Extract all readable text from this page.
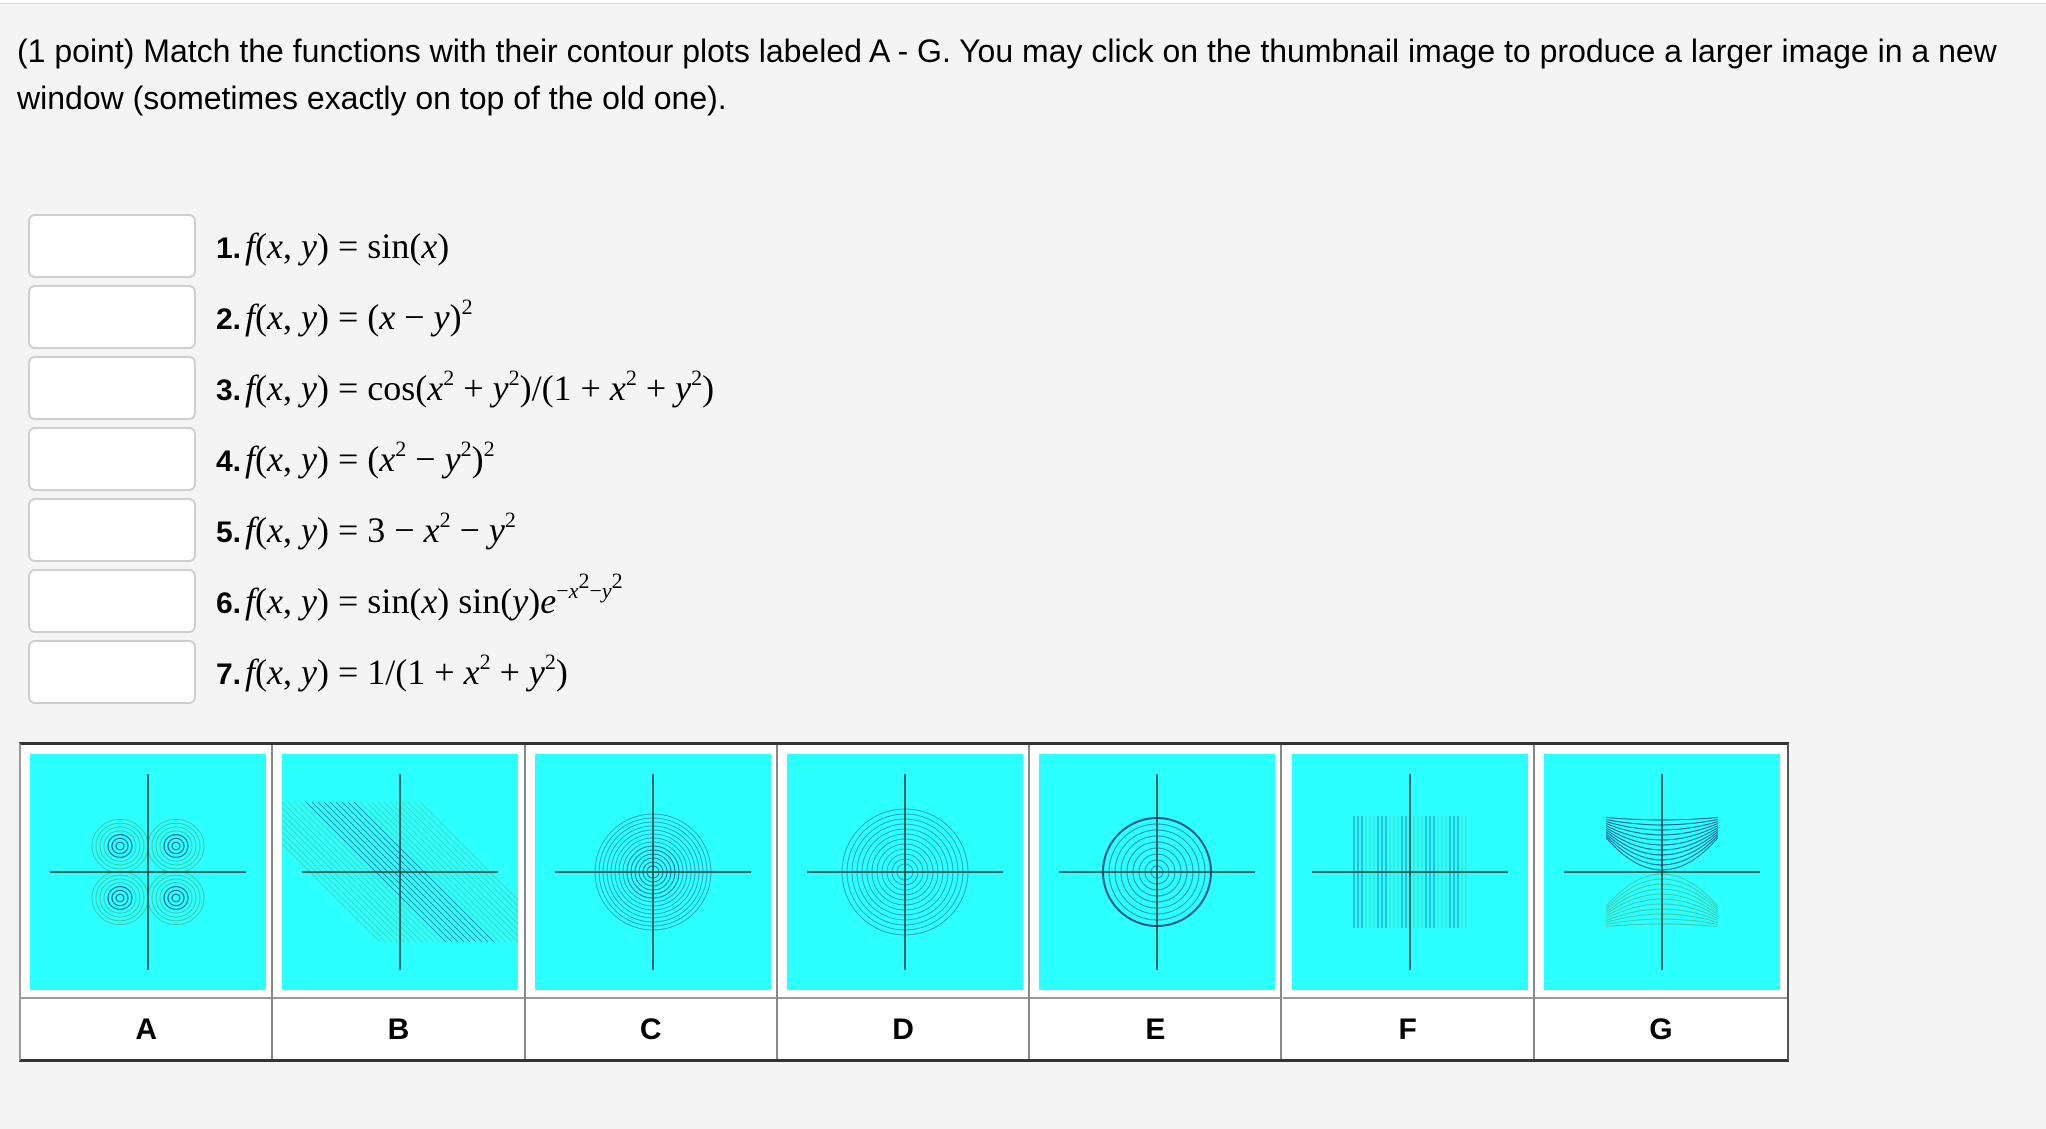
(1 point) Match the functions with their contour plots labeled A - G. You may click on the thumbnail image to produce a larger image in a new window (sometimes exactly on top of the old one).

1. f(x, y) = sin(x)
2. f(x, $y) = (x - y)^2$
3. f(x, $y) = \cos(x^2 + y^2)/(1 + x^2 + y^2)$
4. f(x, $y) = (x^2 - y^2)^2$
5. f(x, $y) = 3 - x^2 - y^2$
6. f(x, y) = sin(x) $\sin(y)e^{-x^2-y^2}$
7. f(x, $y) = 1/(1 + x^2 + y^2)$
A	B	C	D	E	F	G
